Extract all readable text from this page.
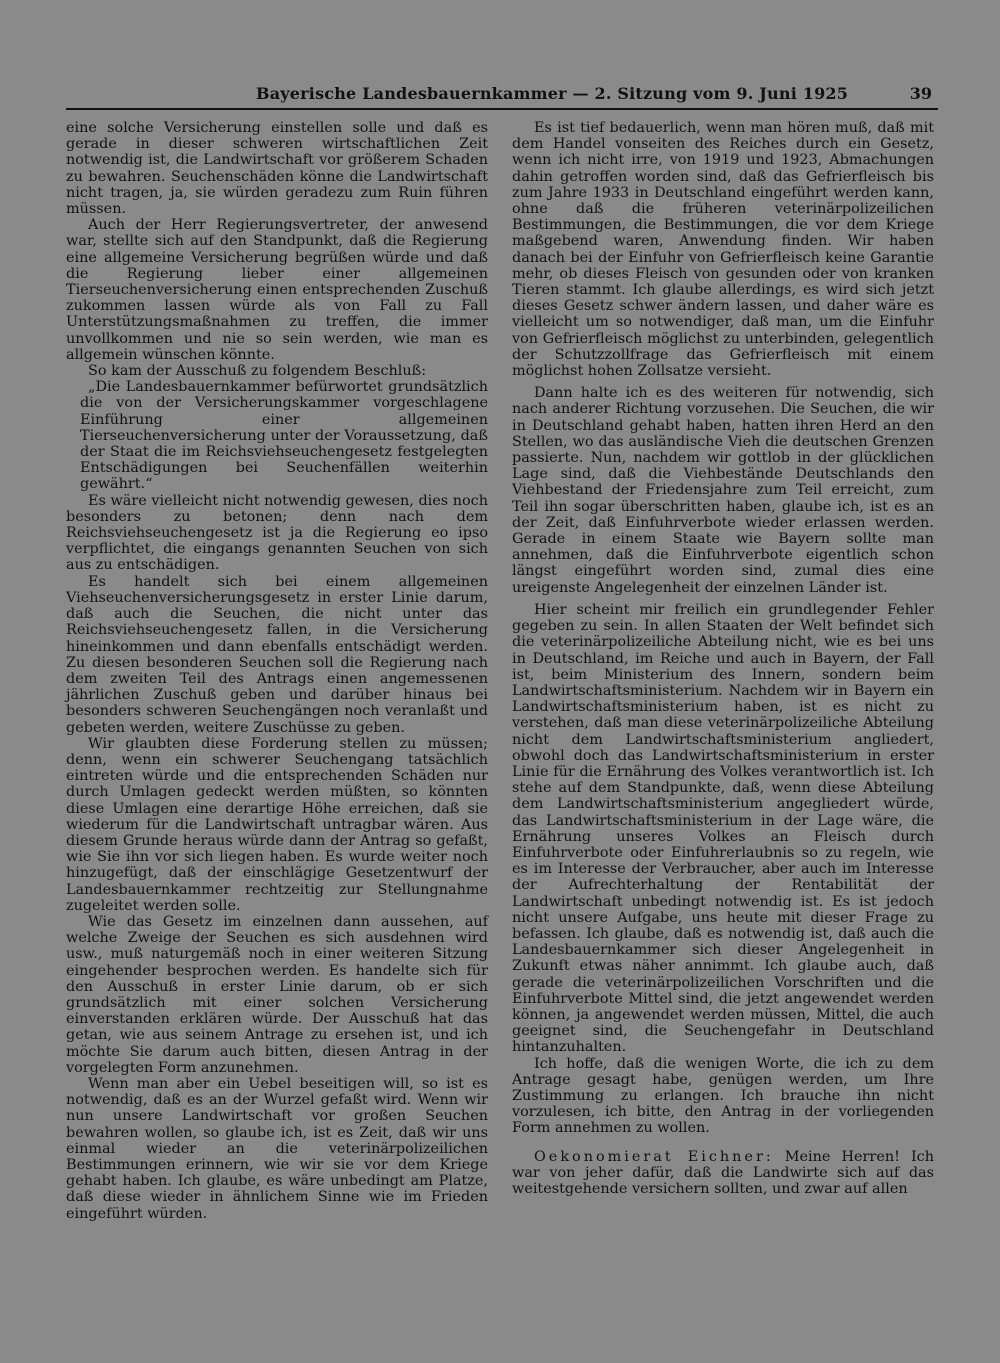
Bayerische Landesbauernkammer — 2. Sitzung vom 9. Juni 1925	39

eine solche Versicherung einstellen solle und daß es gerade in dieser schweren wirtschaftlichen Zeit notwendig ist, die Landwirtschaft vor größerem Schaden zu bewahren. Seuchenschäden könne die Landwirtschaft nicht tragen, ja, sie würden geradezu zum Ruin führen müssen.

Auch der Herr Regierungsvertreter, der anwesend war, stellte sich auf den Standpunkt, daß die Regierung eine allgemeine Versicherung begrüßen würde und daß die Regierung lieber einer allgemeinen Tierseuchenversicherung einen entsprechenden Zuschuß zukommen lassen würde als von Fall zu Fall Unterstützungsmaßnahmen zu treffen, die immer unvollkommen und nie so sein werden, wie man es allgemein wünschen könnte.

So kam der Ausschuß zu folgendem Beschluß:

„Die Landesbauernkammer befürwortet grundsätzlich die von der Versicherungskammer vorgeschlagene Einführung einer allgemeinen Tierseuchenversicherung unter der Voraussetzung, daß der Staat die im Reichsviehseuchengesetz festgelegten Entschädigungen bei Seuchenfällen weiterhin gewährt.“

Es wäre vielleicht nicht notwendig gewesen, dies noch besonders zu betonen; denn nach dem Reichsviehseuchengesetz ist ja die Regierung eo ipso verpflichtet, die eingangs genannten Seuchen von sich aus zu entschädigen.

Es handelt sich bei einem allgemeinen Viehseuchenversicherungsgesetz in erster Linie darum, daß auch die Seuchen, die nicht unter das Reichsviehseuchengesetz fallen, in die Versicherung hineinkommen und dann ebenfalls entschädigt werden. Zu diesen besonderen Seuchen soll die Regierung nach dem zweiten Teil des Antrags einen angemessenen jährlichen Zuschuß geben und darüber hinaus bei besonders schweren Seuchengängen noch veranlaßt und gebeten werden, weitere Zuschüsse zu geben.

Wir glaubten diese Forderung stellen zu müssen; denn, wenn ein schwerer Seuchengang tatsächlich eintreten würde und die entsprechenden Schäden nur durch Umlagen gedeckt werden müßten, so könnten diese Umlagen eine derartige Höhe erreichen, daß sie wiederum für die Landwirtschaft untragbar wären. Aus diesem Grunde heraus würde dann der Antrag so gefaßt, wie Sie ihn vor sich liegen haben. Es wurde weiter noch hinzugefügt, daß der einschlägige Gesetzentwurf der Landesbauernkammer rechtzeitig zur Stellungnahme zugeleitet werden solle.

Wie das Gesetz im einzelnen dann aussehen, auf welche Zweige der Seuchen es sich ausdehnen wird usw., muß naturgemäß noch in einer weiteren Sitzung eingehender besprochen werden. Es handelte sich für den Ausschuß in erster Linie darum, ob er sich grundsätzlich mit einer solchen Versicherung einverstanden erklären würde. Der Ausschuß hat das getan, wie aus seinem Antrage zu ersehen ist, und ich möchte Sie darum auch bitten, diesen Antrag in der vorgelegten Form anzunehmen.

Wenn man aber ein Uebel beseitigen will, so ist es notwendig, daß es an der Wurzel gefaßt wird. Wenn wir nun unsere Landwirtschaft vor großen Seuchen bewahren wollen, so glaube ich, ist es Zeit, daß wir uns einmal wieder an die veterinärpolizeilichen Bestimmungen erinnern, wie wir sie vor dem Kriege gehabt haben. Ich glaube, es wäre unbedingt am Platze, daß diese wieder in ähnlichem Sinne wie im Frieden eingeführt würden.

Es ist tief bedauerlich, wenn man hören muß, daß mit dem Handel vonseiten des Reiches durch ein Gesetz, wenn ich nicht irre, von 1919 und 1923, Abmachungen dahin getroffen worden sind, daß das Gefrierfleisch bis zum Jahre 1933 in Deutschland eingeführt werden kann, ohne daß die früheren veterinärpolizeilichen Bestimmungen, die Bestimmungen, die vor dem Kriege maßgebend waren, Anwendung finden. Wir haben danach bei der Einfuhr von Gefrierfleisch keine Garantie mehr, ob dieses Fleisch von gesunden oder von kranken Tieren stammt. Ich glaube allerdings, es wird sich jetzt dieses Gesetz schwer ändern lassen, und daher wäre es vielleicht um so notwendiger, daß man, um die Einfuhr von Gefrierfleisch möglichst zu unterbinden, gelegentlich der Schutzzollfrage das Gefrierfleisch mit einem möglichst hohen Zollsatze versieht.

Dann halte ich es des weiteren für notwendig, sich nach anderer Richtung vorzusehen. Die Seuchen, die wir in Deutschland gehabt haben, hatten ihren Herd an den Stellen, wo das ausländische Vieh die deutschen Grenzen passierte. Nun, nachdem wir gottlob in der glücklichen Lage sind, daß die Viehbestände Deutschlands den Viehbestand der Friedensjahre zum Teil erreicht, zum Teil ihn sogar überschritten haben, glaube ich, ist es an der Zeit, daß Einfuhrverbote wieder erlassen werden. Gerade in einem Staate wie Bayern sollte man annehmen, daß die Einfuhrverbote eigentlich schon längst eingeführt worden sind, zumal dies eine ureigenste Angelegenheit der einzelnen Länder ist.

Hier scheint mir freilich ein grundlegender Fehler gegeben zu sein. In allen Staaten der Welt befindet sich die veterinärpolizeiliche Abteilung nicht, wie es bei uns in Deutschland, im Reiche und auch in Bayern, der Fall ist, beim Ministerium des Innern, sondern beim Landwirtschaftsministerium. Nachdem wir in Bayern ein Landwirtschaftsministerium haben, ist es nicht zu verstehen, daß man diese veterinärpolizeiliche Abteilung nicht dem Landwirtschaftsministerium angliedert, obwohl doch das Landwirtschaftsministerium in erster Linie für die Ernährung des Volkes verantwortlich ist. Ich stehe auf dem Standpunkte, daß, wenn diese Abteilung dem Landwirtschaftsministerium angegliedert würde, das Landwirtschaftsministerium in der Lage wäre, die Ernährung unseres Volkes an Fleisch durch Einfuhrverbote oder Einfuhrerlaubnis so zu regeln, wie es im Interesse der Verbraucher, aber auch im Interesse der Aufrechterhaltung der Rentabilität der Landwirtschaft unbedingt notwendig ist. Es ist jedoch nicht unsere Aufgabe, uns heute mit dieser Frage zu befassen. Ich glaube, daß es notwendig ist, daß auch die Landesbauernkammer sich dieser Angelegenheit in Zukunft etwas näher annimmt. Ich glaube auch, daß gerade die veterinärpolizeilichen Vorschriften und die Einfuhrverbote Mittel sind, die jetzt angewendet werden können, ja angewendet werden müssen, Mittel, die auch geeignet sind, die Seuchengefahr in Deutschland hintanzuhalten.

Ich hoffe, daß die wenigen Worte, die ich zu dem Antrage gesagt habe, genügen werden, um Ihre Zustimmung zu erlangen. Ich brauche ihn nicht vorzulesen, ich bitte, den Antrag in der vorliegenden Form annehmen zu wollen.

Oekonomierat Eichner: Meine Herren! Ich war von jeher dafür, daß die Landwirte sich auf das weitestgehende versichern sollten, und zwar auf allen
